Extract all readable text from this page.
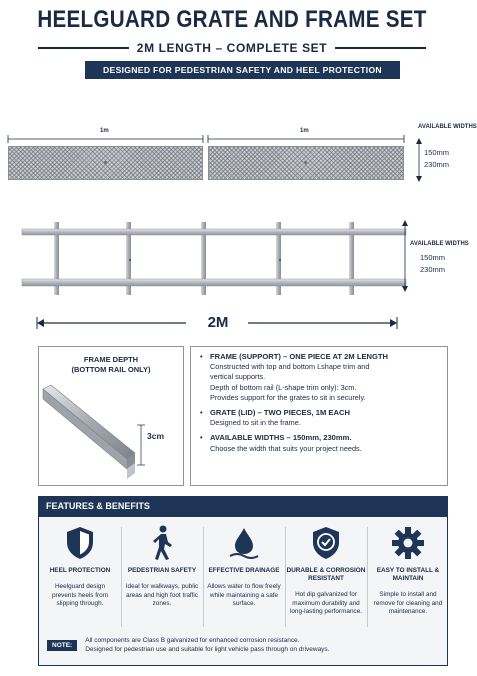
HEELGUARD GRATE AND FRAME SET
2M LENGTH – COMPLETE SET
DESIGNED FOR PEDESTRIAN SAFETY AND HEEL PROTECTION
1m	1m
AVAILABLE WIDTHS
150mm
230mm
AVAILABLE WIDTHS
150mm
230mm
2M
FRAME DEPTH
(BOTTOM RAIL ONLY)
3cm
• FRAME (SUPPORT) – ONE PIECE AT 2M LENGTH
Constructed with top and bottom Lshape trim and
vertical supports.
Depth of bottom rail (L-shape trim only): 3cm.
Provides support for the grates to sit in securely.
• GRATE (LID) – TWO PIECES, 1M EACH
Designed to sit in the frame.
• AVAILABLE WIDTHS – 150mm, 230mm.
Choose the width that suits your project needs.
FEATURES & BENEFITS
HEEL PROTECTION
Heelguard design prevents heels from slipping through.
PEDESTRIAN SAFETY
Ideal for walkways, public areas and high foot traffic zones.
EFFECTIVE DRAINAGE
Allows water to flow freely while maintaining a safe surface.
DURABLE & CORROSION RESISTANT
Hot dip galvanized for maximum durability and long-lasting performance.
EASY TO INSTALL & MAINTAIN
Simple to install and remove for cleaning and maintenance.
NOTE:
All components are Class B galvanized for enhanced corrosion resistance.
Designed for pedestrian use and suitable for light vehicle pass through on driveways.
